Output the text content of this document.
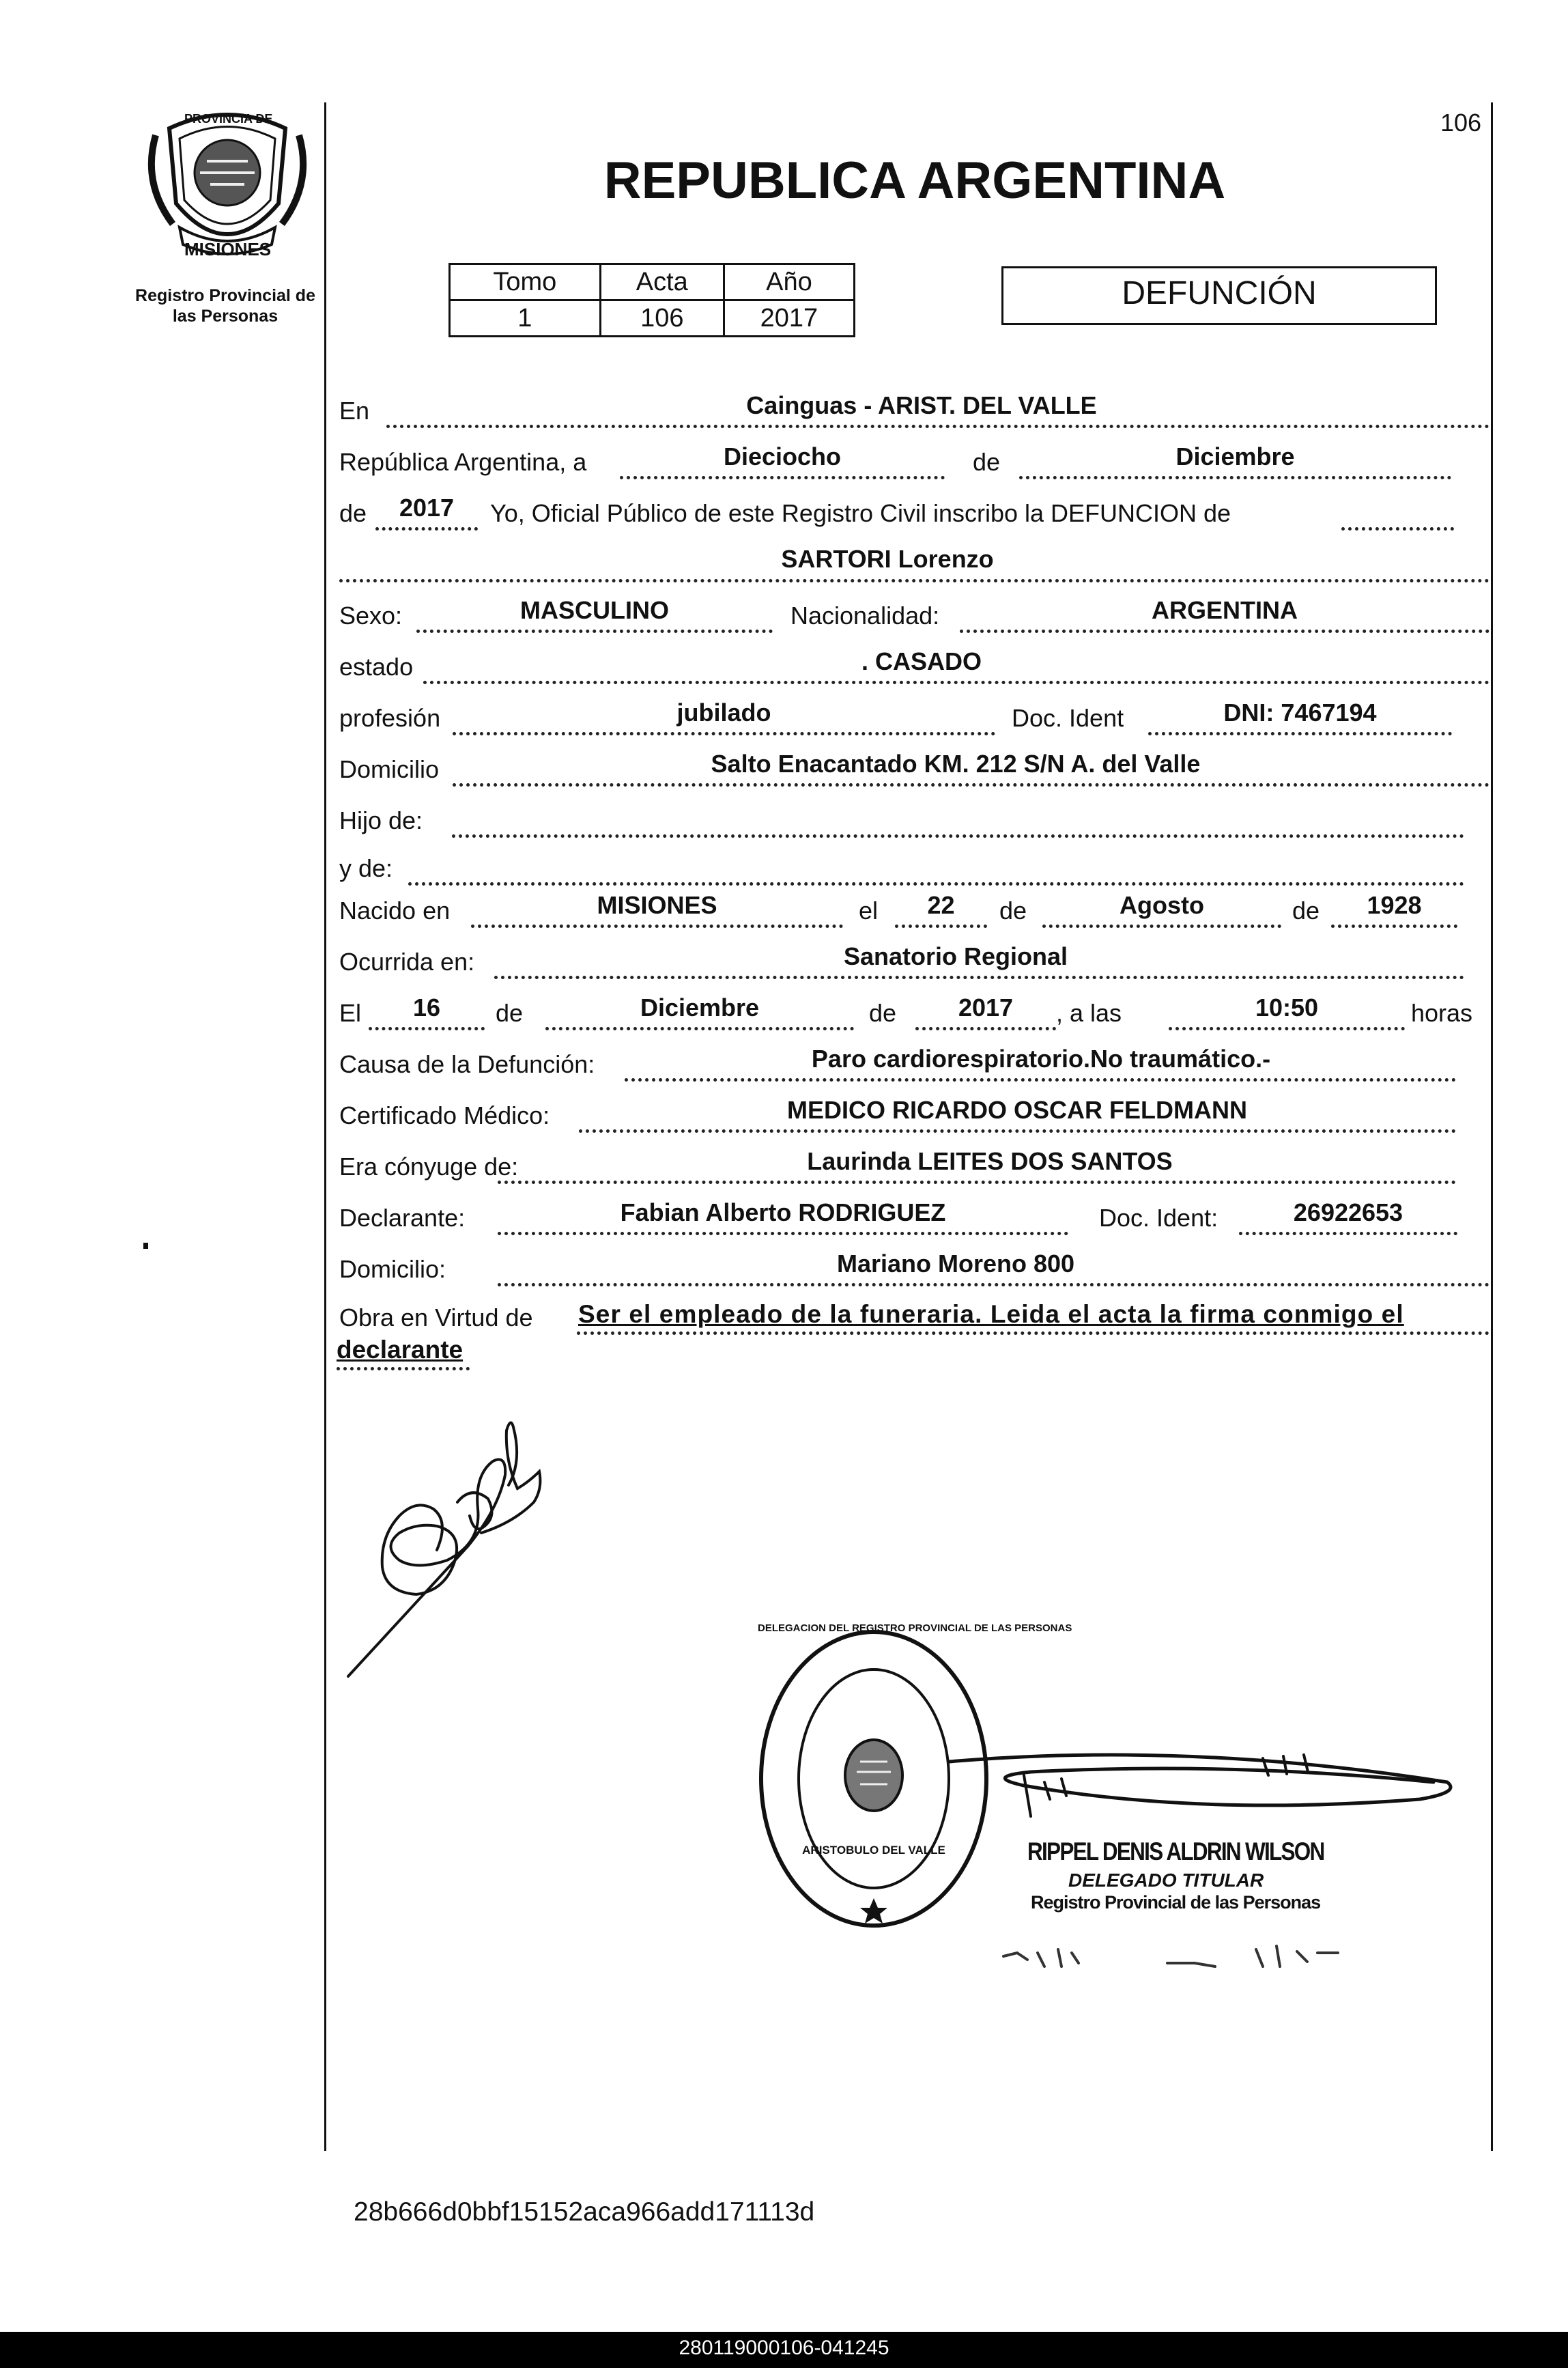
PROVINCIA DE
MISIONES
Registro Provincial de
las Personas
106
REPUBLICA ARGENTINA
Tomo	Acta	Año
1	106	2017
DEFUNCIÓN
En	Cainguas - ARIST. DEL VALLE
República Argentina, a	Dieciocho	de	Diciembre
de	2017	Yo, Oficial Público de este Registro Civil inscribo la DEFUNCION de
SARTORI Lorenzo
Sexo:	MASCULINO	Nacionalidad:	ARGENTINA
estado	. CASADO
profesión	jubilado	Doc. Ident	DNI: 7467194
Domicilio	Salto Enacantado KM. 212 S/N A. del Valle
Hijo de:
y de:
Nacido en	MISIONES	el	22	de	Agosto	de	1928
Ocurrida en:	Sanatorio Regional
El	16	de	Diciembre	de	2017	, a las	10:50	horas
Causa de la Defunción:	Paro cardiorespiratorio.No traumático.-
Certificado Médico:	MEDICO RICARDO OSCAR FELDMANN
Era cónyuge de:	Laurinda LEITES DOS SANTOS
Declarante:	Fabian Alberto RODRIGUEZ	Doc. Ident:	26922653
Domicilio:	Mariano Moreno 800
Obra en Virtud de Ser el empleado de la funeraria. Leida el acta la firma conmigo el
declarante
DELEGACION DEL REGISTRO PROVINCIAL DE LAS PERSONAS
ARISTOBULO DEL VALLE	RIPPEL DENIS ALDRIN WILSON
DELEGADO TITULAR
Registro Provincial de las Personas
28b666d0bbf15152aca966add171113d
280119000106-041245
